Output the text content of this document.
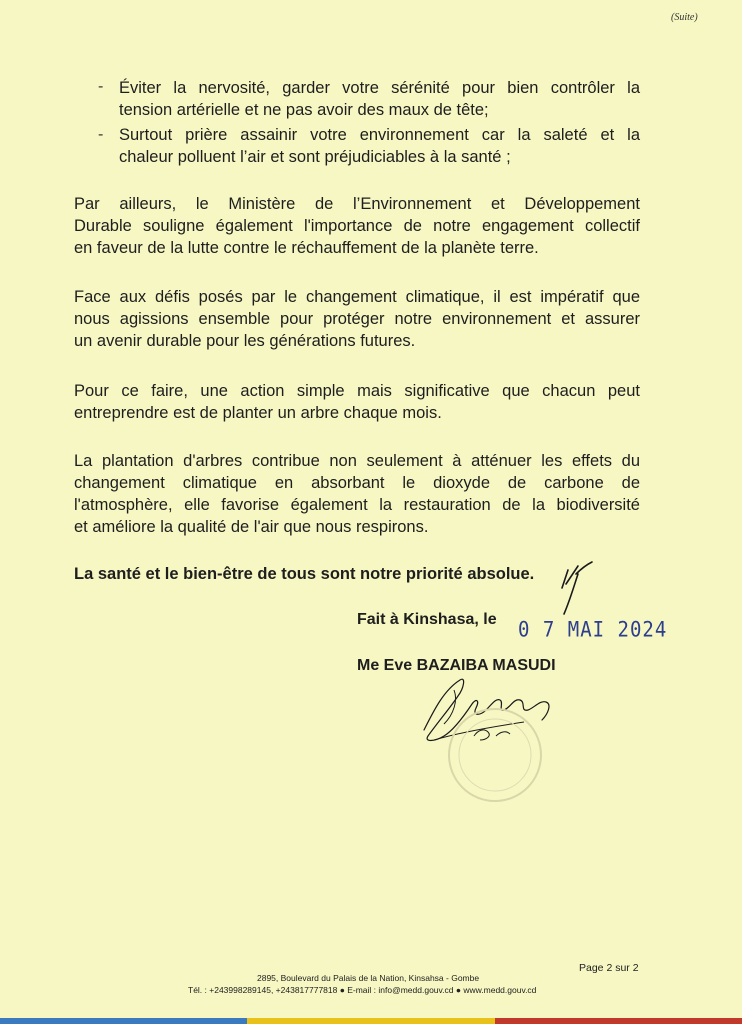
(Suite)
- Éviter la nervosité, garder votre sérénité pour bien contrôler la
tension artérielle et ne pas avoir des maux de tête;

- Surtout prière assainir votre environnement car la saleté et la
chaleur polluent l’air et sont préjudiciables à la santé ;

Par ailleurs, le Ministère de l’Environnement et Développement
Durable souligne également l'importance de notre engagement collectif
en faveur de la lutte contre le réchauffement de la planète terre.

Face aux défis posés par le changement climatique, il est impératif que
nous agissions ensemble pour protéger notre environnement et assurer
un avenir durable pour les générations futures.

Pour ce faire, une action simple mais significative que chacun peut
entreprendre est de planter un arbre chaque mois.

La plantation d'arbres contribue non seulement à atténuer les effets du
changement climatique en absorbant le dioxyde de carbone de
l'atmosphère, elle favorise également la restauration de la biodiversité
et améliore la qualité de l'air que nous respirons.

La santé et le bien-être de tous sont notre priorité absolue.
Fait à Kinshasa, le 0 7 MAI 2024
Me Eve BAZAIBA MASUDI
Page 2 sur 2
2895, Boulevard du Palais de la Nation, Kinsahsa - Gombe
Tél. : +243998289145, +243817777818 ● E-mail : info@medd.gouv.cd ● www.medd.gouv.cd
